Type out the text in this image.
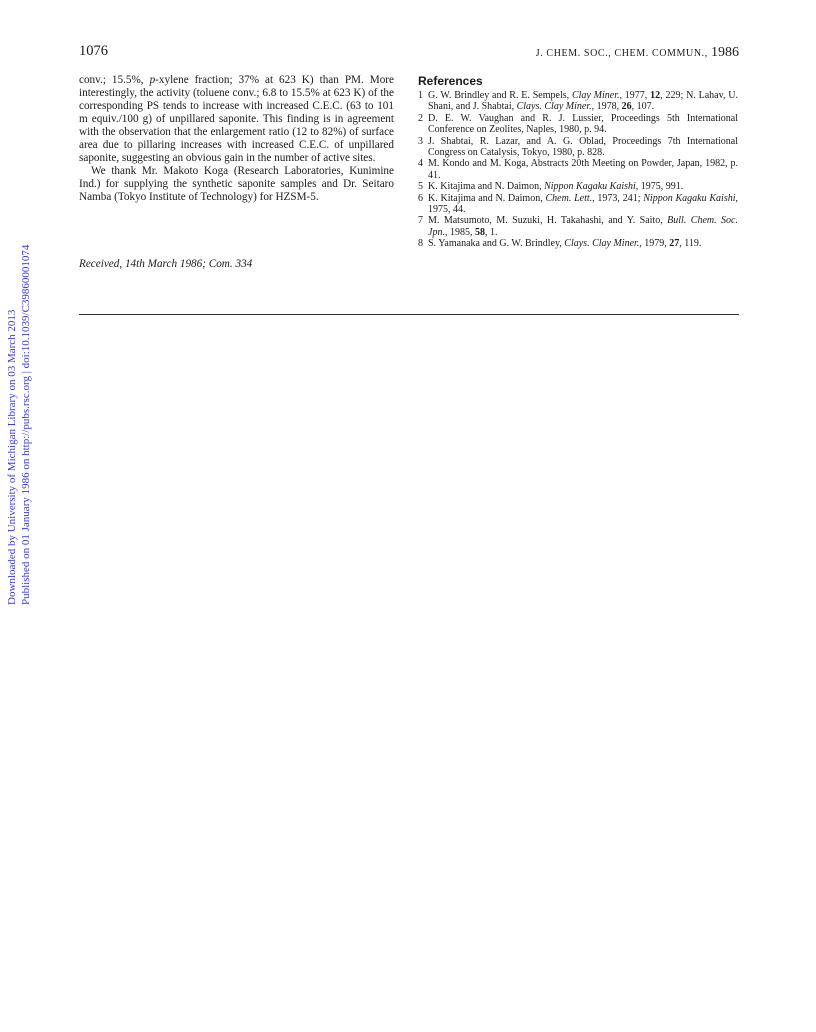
1076	J. CHEM. SOC., CHEM. COMMUN., 1986

conv.; 15.5%, p-xylene fraction; 37% at 623 K) than PM. More interestingly, the activity (toluene conv.; 6.8 to 15.5% at 623 K) of the corresponding PS tends to increase with increased C.E.C. (63 to 101 m equiv./100 g) of unpillared saponite. This finding is in agreement with the observation that the enlargement ratio (12 to 82%) of surface area due to pillaring increases with increased C.E.C. of unpillared saponite, suggesting an obvious gain in the number of active sites.

We thank Mr. Makoto Koga (Research Laboratories, Kunimine Ind.) for supplying the synthetic saponite samples and Dr. Seitaro Namba (Tokyo Institute of Technology) for HZSM-5.

Received, 14th March 1986; Com. 334
References
1 G. W. Brindley and R. E. Sempels, Clay Miner., 1977, 12, 229; N. Lahav, U. Shani, and J. Shabtai, Clays. Clay Miner., 1978, 26, 107.
2 D. E. W. Vaughan and R. J. Lussier, Proceedings 5th International Conference on Zeolites, Naples, 1980, p. 94.
3 J. Shabtai, R. Lazar, and A. G. Oblad, Proceedings 7th International Congress on Catalysis, Tokyo, 1980, p. 828.
4 M. Kondo and M. Koga, Abstracts 20th Meeting on Powder, Japan, 1982, p. 41.
5 K. Kitajima and N. Daimon, Nippon Kagaku Kaishi, 1975, 991.
6 K. Kitajima and N. Daimon, Chem. Lett., 1973, 241; Nippon Kagaku Kaishi, 1975, 44.
7 M. Matsumoto, M. Suzuki, H. Takahashi, and Y. Saito, Bull. Chem. Soc. Jpn., 1985, 58, 1.
8 S. Yamanaka and G. W. Brindley, Clays. Clay Miner., 1979, 27, 119.
Downloaded by University of Michigan Library on 03 March 2013 Published on 01 January 1986 on http://pubs.rsc.org | doi:10.1039/C39860001074
